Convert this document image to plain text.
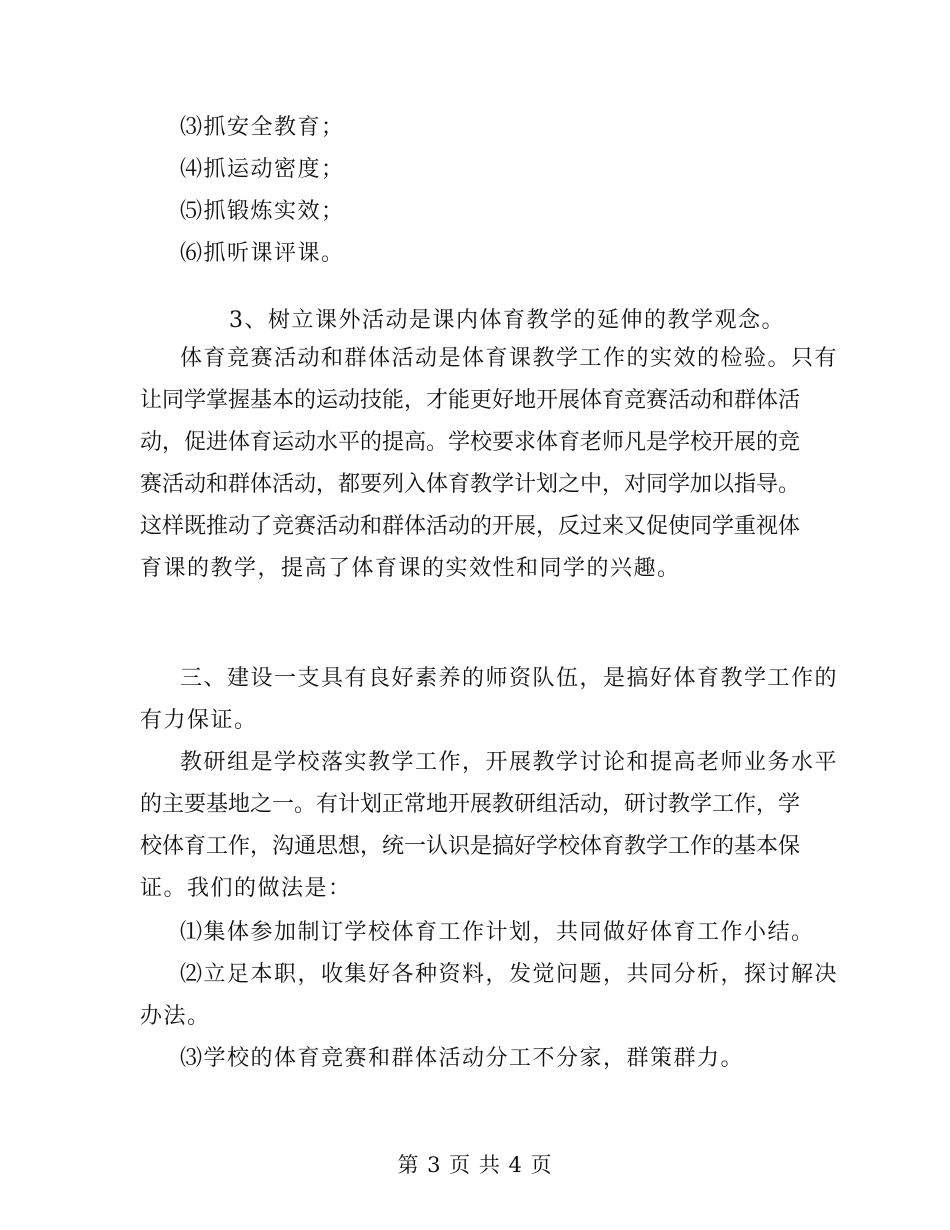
⑶抓安全教育；
⑷抓运动密度；
⑸抓锻炼实效；
⑹抓听课评课。
3、树立课外活动是课内体育教学的延伸的教学观念。
体育竞赛活动和群体活动是体育课教学工作的实效的检验。只有
让同学掌握基本的运动技能，才能更好地开展体育竞赛活动和群体活
动，促进体育运动水平的提高。学校要求体育老师凡是学校开展的竞
赛活动和群体活动，都要列入体育教学计划之中，对同学加以指导。
这样既推动了竞赛活动和群体活动的开展，反过来又促使同学重视体
育课的教学，提高了体育课的实效性和同学的兴趣。
三、建设一支具有良好素养的师资队伍，是搞好体育教学工作的
有力保证。
教研组是学校落实教学工作，开展教学讨论和提高老师业务水平
的主要基地之一。有计划正常地开展教研组活动，研讨教学工作，学
校体育工作，沟通思想，统一认识是搞好学校体育教学工作的基本保
证。我们的做法是：
⑴集体参加制订学校体育工作计划，共同做好体育工作小结。
⑵立足本职，收集好各种资料，发觉问题，共同分析，探讨解决
办法。
⑶学校的体育竞赛和群体活动分工不分家，群策群力。
第 3 页 共 4 页
